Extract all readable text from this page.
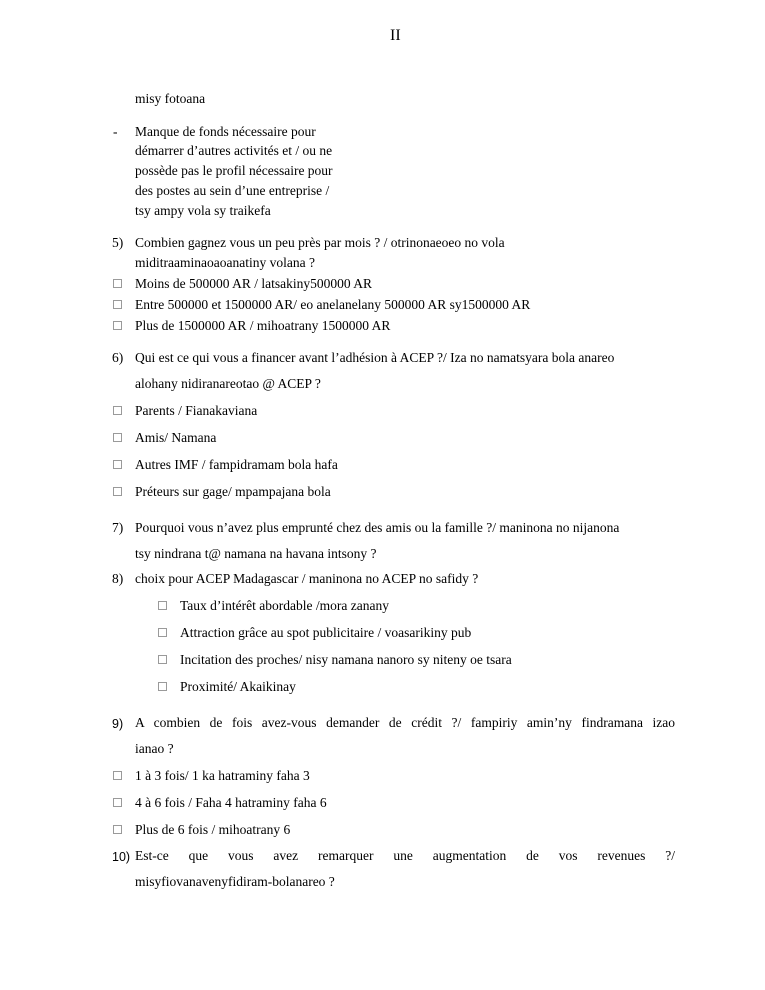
II
misy fotoana
- Manque de fonds nécessaire pour
démarrer d’autres activités et / ou ne
possède pas le profil nécessaire pour
des postes au sein d’une entreprise /
tsy ampy vola sy traikefa
5) Combien gagnez vous un peu près par mois ? / otrinonaeoeo no vola
miditraaminaoaoanatiny volana ?
Moins de 500000 AR / latsakiny500000 AR
Entre 500000 et 1500000 AR/ eo anelanelany 500000 AR sy1500000 AR
Plus de 1500000 AR / mihoatrany 1500000 AR
6) Qui est ce qui vous a financer avant l’adhésion à ACEP ?/ Iza no namatsyara bola anareo
alohany nidiranareotao @ ACEP ?
Parents / Fianakaviana
Amis/ Namana
Autres IMF / fampidramam bola hafa
Préteurs sur gage/ mpampajana bola
7) Pourquoi vous n’avez plus emprunté chez des amis ou la famille ?/ maninona no nijanona
tsy nindrana t@ namana na havana intsony ?
8) choix pour ACEP Madagascar / maninona no ACEP no safidy ?
Taux d’intérêt abordable /mora zanany
Attraction grâce au spot publicitaire / voasarikiny pub
Incitation des proches/ nisy namana nanoro sy niteny oe tsara
Proximité/ Akaikinay
9) A combien de fois avez-vous demander de crédit ?/ fampiriy amin’ny findramana izao
ianao ?
1 à 3 fois/ 1 ka hatraminy faha 3
4 à 6 fois / Faha 4 hatraminy faha 6
Plus de 6 fois / mihoatrany 6
10) Est-ce que vous avez remarquer une augmentation de vos revenues ?/
misyfiovanavenyfidiram-bolanareo ?
